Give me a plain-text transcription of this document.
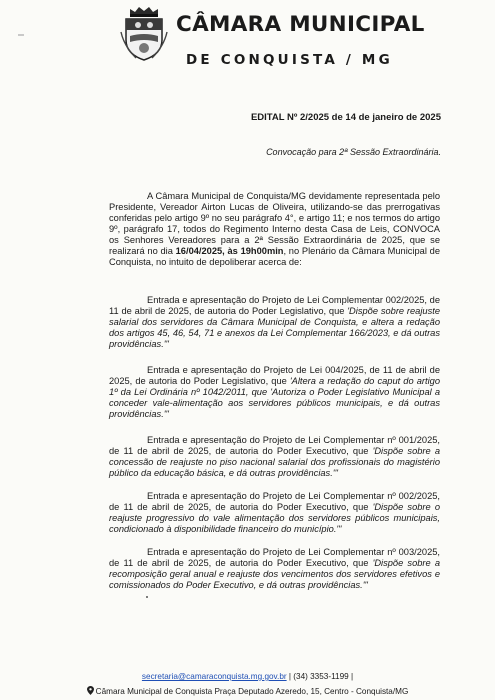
CÂMARA MUNICIPAL
DE CONQUISTA / MG
EDITAL Nº 2/2025 de 14 de janeiro de 2025
Convocação para 2ª Sessão Extraordinária.
A Câmara Municipal de Conquista/MG devidamente representada pelo Presidente, Vereador Airton Lucas de Oliveira, utilizando-se das prerrogativas conferidas pelo artigo 9º no seu parágrafo 4°, e artigo 11; e nos termos do artigo 9º, parágrafo 17, todos do Regimento Interno desta Casa de Leis, CONVOCA os Senhores Vereadores para a 2ª Sessão Extraordinária de 2025, que se realizará no dia 16/04/2025, às 19h00min, no Plenário da Câmara Municipal de Conquista, no intuito de depoliberar acerca de:
Entrada e apresentação do Projeto de Lei Complementar 002/2025, de 11 de abril de 2025, de autoria do Poder Legislativo, que 'Dispõe sobre reajuste salarial dos servidores da Câmara Municipal de Conquista, e altera a redação dos artigos 45, 46, 54, 71 e anexos da Lei Complementar 166/2023, e dá outras providências.'"
Entrada e apresentação do Projeto de Lei 004/2025, de 11 de abril de 2025, de autoria do Poder Legislativo, que 'Altera a redação do caput do artigo 1º da Lei Ordinária nº 1042/2011, que 'Autoriza o Poder Legislativo Municipal a conceder vale-alimentação aos servidores públicos municipais, e dá outras providências.'"
Entrada e apresentação do Projeto de Lei Complementar nº 001/2025, de 11 de abril de 2025, de autoria do Poder Executivo, que 'Dispõe sobre a concessão de reajuste no piso nacional salarial dos profissionais do magistério público da educação básica, e dá outras providências.'"
Entrada e apresentação do Projeto de Lei Complementar nº 002/2025, de 11 de abril de 2025, de autoria do Poder Executivo, que 'Dispõe sobre o reajuste progressivo do vale alimentação dos servidores públicos municipais, condicionado à disponibilidade financeiro do município.'"
Entrada e apresentação do Projeto de Lei Complementar nº 003/2025, de 11 de abril de 2025, de autoria do Poder Executivo, que 'Dispõe sobre a recomposição geral anual e reajuste dos vencimentos dos servidores efetivos e comissionados do Poder Executivo, e dá outras providências.'"
secretaria@camaraconquista.mg.gov.br | (34) 3353-1199 |
Câmara Municipal de Conquista Praça Deputado Azeredo, 15, Centro - Conquista/MG
